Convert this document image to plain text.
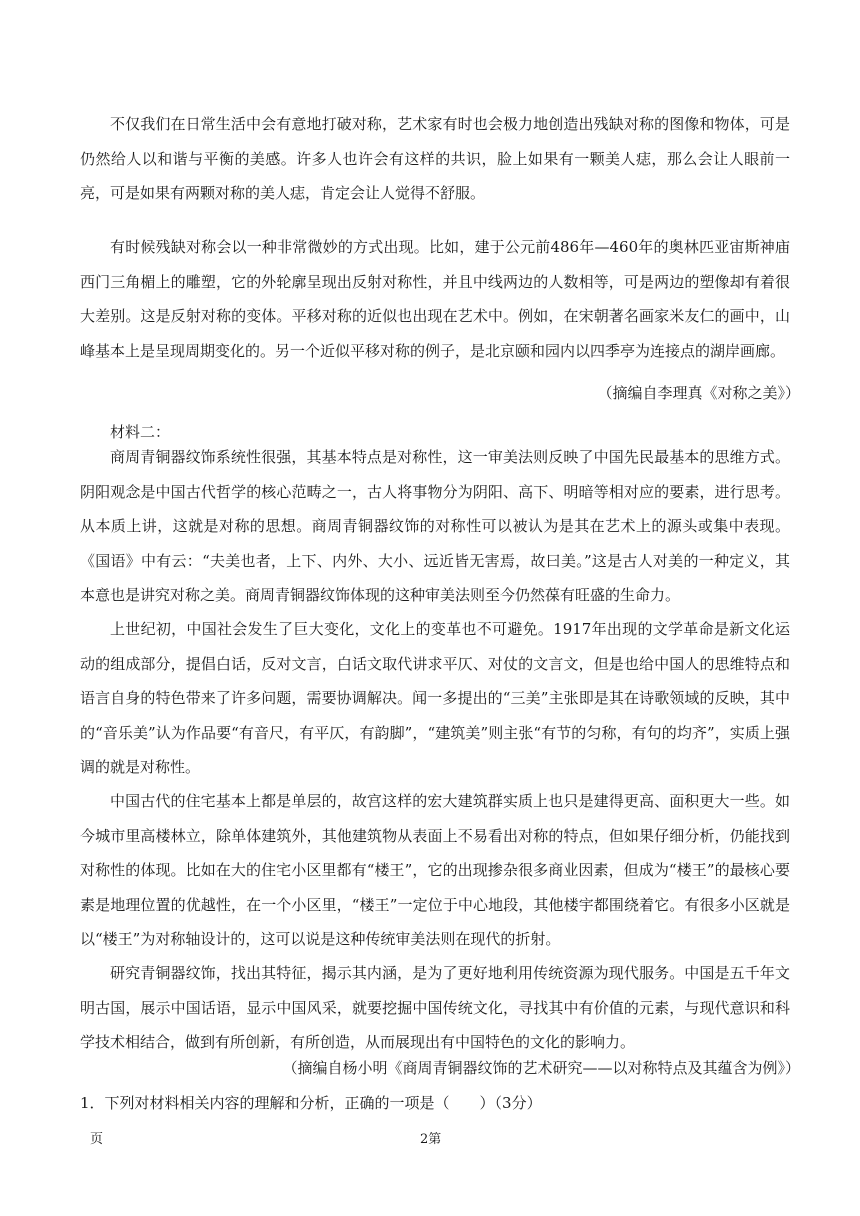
不仅我们在日常生活中会有意地打破对称，艺术家有时也会极力地创造出残缺对称的图像和物体，可是仍然给人以和谐与平衡的美感。许多人也许会有这样的共识，脸上如果有一颗美人痣，那么会让人眼前一亮，可是如果有两颗对称的美人痣，肯定会让人觉得不舒服。

有时候残缺对称会以一种非常微妙的方式出现。比如，建于公元前486年—460年的奥林匹亚宙斯神庙西门三角楣上的雕塑，它的外轮廓呈现出反射对称性，并且中线两边的人数相等，可是两边的塑像却有着很大差别。这是反射对称的变体。平移对称的近似也出现在艺术中。例如，在宋朝著名画家米友仁的画中，山峰基本上是呈现周期变化的。另一个近似平移对称的例子，是北京颐和园内以四季亭为连接点的湖岸画廊。

（摘编自李理真《对称之美》）

材料二：

商周青铜器纹饰系统性很强，其基本特点是对称性，这一审美法则反映了中国先民最基本的思维方式。阴阳观念是中国古代哲学的核心范畴之一，古人将事物分为阴阳、高下、明暗等相对应的要素，进行思考。从本质上讲，这就是对称的思想。商周青铜器纹饰的对称性可以被认为是其在艺术上的源头或集中表现。《国语》中有云：“夫美也者，上下、内外、大小、远近皆无害焉，故曰美。”这是古人对美的一种定义，其本意也是讲究对称之美。商周青铜器纹饰体现的这种审美法则至今仍然葆有旺盛的生命力。

上世纪初，中国社会发生了巨大变化，文化上的变革也不可避免。1917年出现的文学革命是新文化运动的组成部分，提倡白话，反对文言，白话文取代讲求平仄、对仗的文言文，但是也给中国人的思维特点和语言自身的特色带来了许多问题，需要协调解决。闻一多提出的“三美”主张即是其在诗歌领域的反映，其中的“音乐美”认为作品要“有音尺，有平仄，有韵脚”，“建筑美”则主张“有节的匀称，有句的均齐”，实质上强调的就是对称性。

中国古代的住宅基本上都是单层的，故宫这样的宏大建筑群实质上也只是建得更高、面积更大一些。如今城市里高楼林立，除单体建筑外，其他建筑物从表面上不易看出对称的特点，但如果仔细分析，仍能找到对称性的体现。比如在大的住宅小区里都有“楼王”，它的出现掺杂很多商业因素，但成为“楼王”的最核心要素是地理位置的优越性，在一个小区里，“楼王”一定位于中心地段，其他楼宇都围绕着它。有很多小区就是以“楼王”为对称轴设计的，这可以说是这种传统审美法则在现代的折射。

研究青铜器纹饰，找出其特征，揭示其内涵，是为了更好地利用传统资源为现代服务。中国是五千年文明古国，展示中国话语，显示中国风采，就要挖掘中国传统文化，寻找其中有价值的元素，与现代意识和科学技术相结合，做到有所创新，有所创造，从而展现出有中国特色的文化的影响力。

（摘编自杨小明《商周青铜器纹饰的艺术研究——以对称特点及其蕴含为例》）

1．下列对材料相关内容的理解和分析，正确的一项是（　　）（3分）

页	2第
